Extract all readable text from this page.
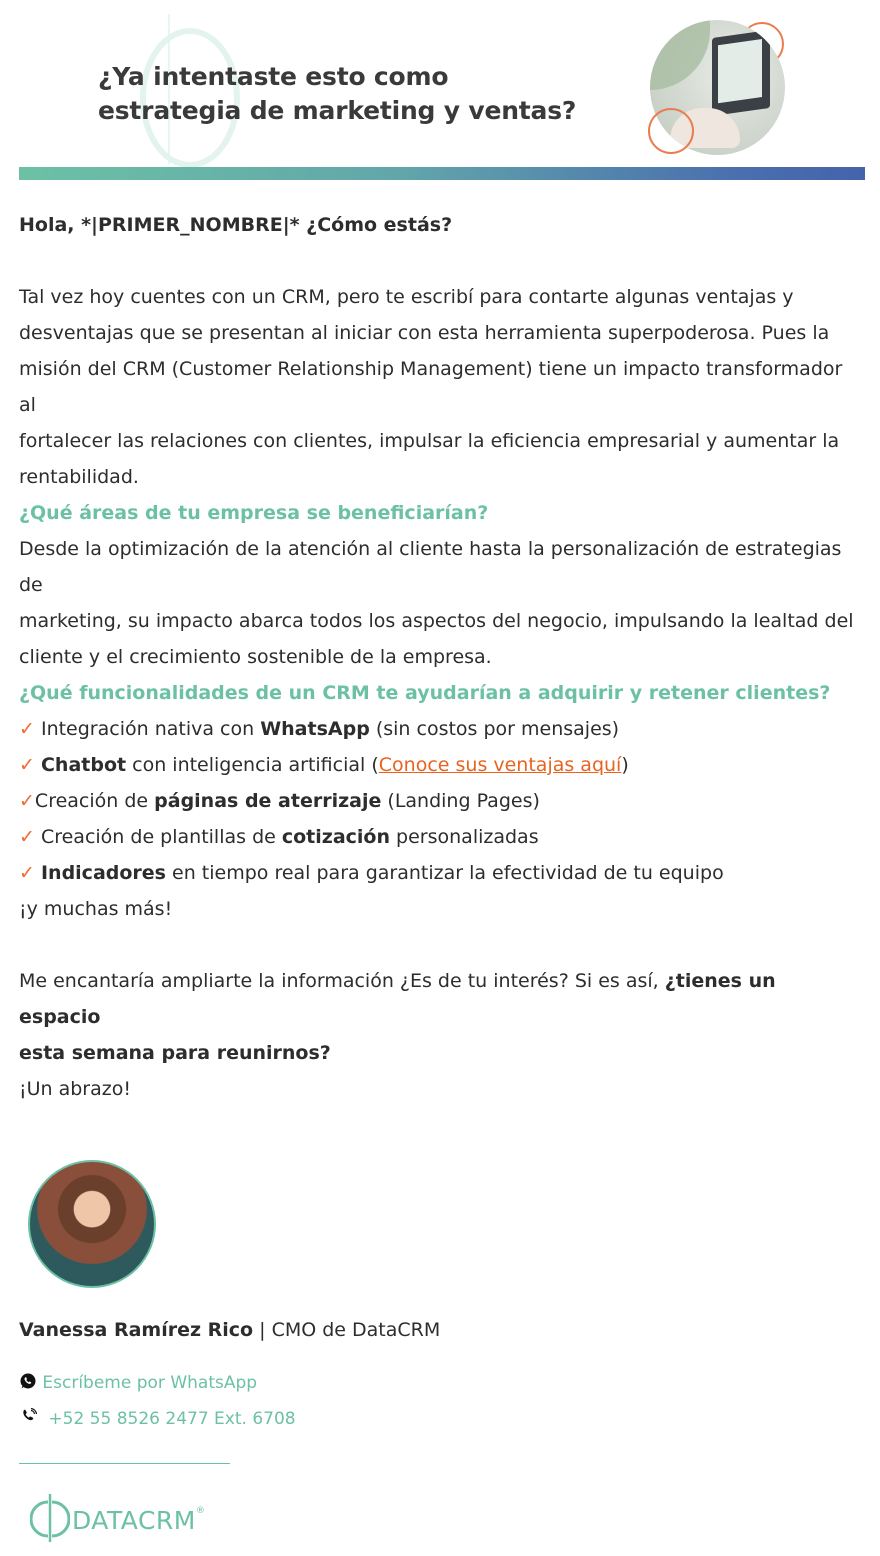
¿Ya intentaste esto como
estrategia de marketing y ventas?
Hola, *|PRIMER_NOMBRE|* ¿Cómo estás?
Tal vez hoy cuentes con un CRM, pero te escribí para contarte algunas ventajas y
desventajas que se presentan al iniciar con esta herramienta superpoderosa. Pues la
misión del CRM (Customer Relationship Management) tiene un impacto transformador al
fortalecer las relaciones con clientes, impulsar la eficiencia empresarial y aumentar la
rentabilidad.
¿Qué áreas de tu empresa se beneficiarían?
Desde la optimización de la atención al cliente hasta la personalización de estrategias de
marketing, su impacto abarca todos los aspectos del negocio, impulsando la lealtad del
cliente y el crecimiento sostenible de la empresa.
¿Qué funcionalidades de un CRM te ayudarían a adquirir y retener clientes?
✓ Integración nativa con WhatsApp (sin costos por mensajes)
✓ Chatbot con inteligencia artificial (Conoce sus ventajas aquí)
✓Creación de páginas de aterrizaje (Landing Pages)
✓ Creación de plantillas de cotización personalizadas
✓ Indicadores en tiempo real para garantizar la efectividad de tu equipo
¡y muchas más!
Me encantaría ampliarte la información ¿Es de tu interés? Si es así, ¿tienes un espacio
esta semana para reunirnos?
¡Un abrazo!
Vanessa Ramírez Rico | CMO de DataCRM
Escríbeme por WhatsApp
+52 55 8526 2477 Ext. 6708
DATACRM®
